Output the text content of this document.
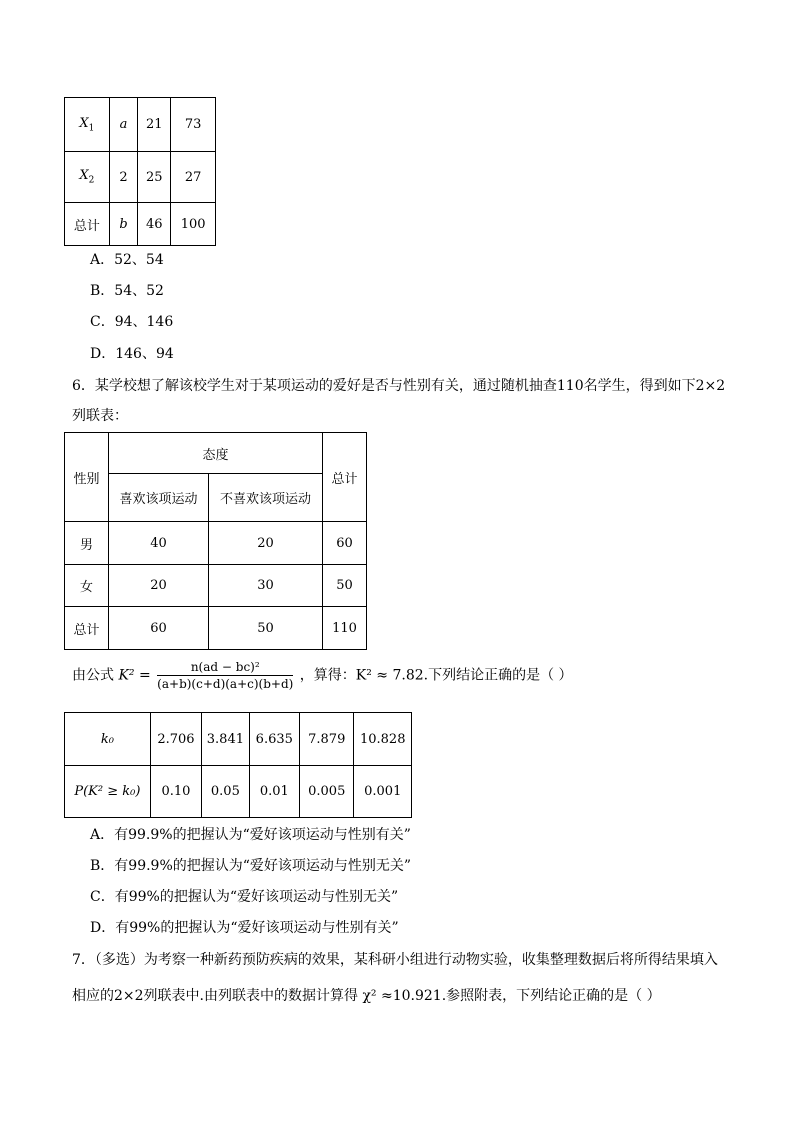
$X_1$	a	21	73
$X_2$	2	25	27
总计	b	46	100
A．52、54
B．54、52
C．94、146
D．146、94
6．某学校想了解该校学生对于某项运动的爱好是否与性别有关，通过随机抽查110名学生，得到如下2×2
列联表：
性别	态度		总计
	喜欢该项运动	不喜欢该项运动	
男	40	20	60
女	20	30	50
总计	60	50	110
由公式 $K^2 = \frac{\text{n(ad − bc)²}}{(a+b)(c+d)(a+c)(b+d)}$ ，算得：K² ≈ 7.82.下列结论正确的是（ ）
k₀	2.706	3.841	6.635	7.879	10.828
P(K² ≥ k₀)	0.10	0.05	0.01	0.005	0.001
A．有99.9%的把握认为“爱好该项运动与性别有关”
B．有99.9%的把握认为“爱好该项运动与性别无关”
C．有99%的把握认为“爱好该项运动与性别无关”
D．有99%的把握认为“爱好该项运动与性别有关”
7．（多选）为考察一种新药预防疾病的效果，某科研小组进行动物实验，收集整理数据后将所得结果填入
相应的2×2列联表中.由列联表中的数据计算得 χ² ≈10.921.参照附表，下列结论正确的是（ ）
